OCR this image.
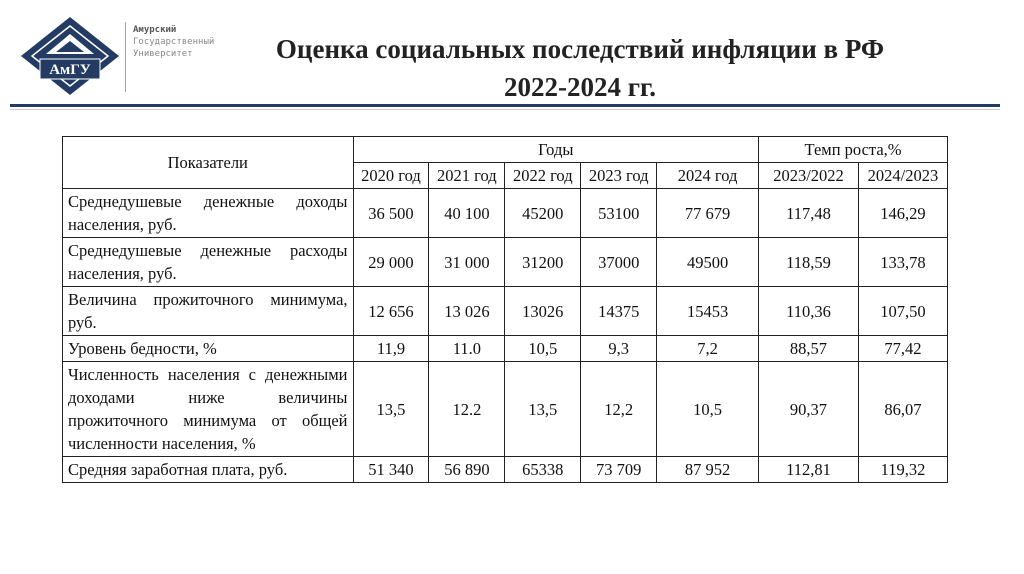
АмГУ
Амурский
Государственный
Университет	Оценка социальных последствий инфляции в РФ
2022-2024 гг.
Показатели	Годы					Темп роста,%	
	2020 год	2021 год	2022 год	2023 год	2024 год	2023/2022	2024/2023
Среднедушевые денежные доходы населения, руб.	36 500	40 100	45200	53100	77 679	117,48	146,29
Среднедушевые денежные расходы населения, руб.	29 000	31 000	31200	37000	49500	118,59	133,78
Величина прожиточного минимума, руб.	12 656	13 026	13026	14375	15453	110,36	107,50
Уровень бедности, %	11,9	11.0	10,5	9,3	7,2	88,57	77,42
Численность населения с денежными доходами ниже величины прожиточного минимума от общей численности населения, %	13,5	12.2	13,5	12,2	10,5	90,37	86,07
Средняя заработная плата, руб.	51 340	56 890	65338	73 709	87 952	112,81	119,32
